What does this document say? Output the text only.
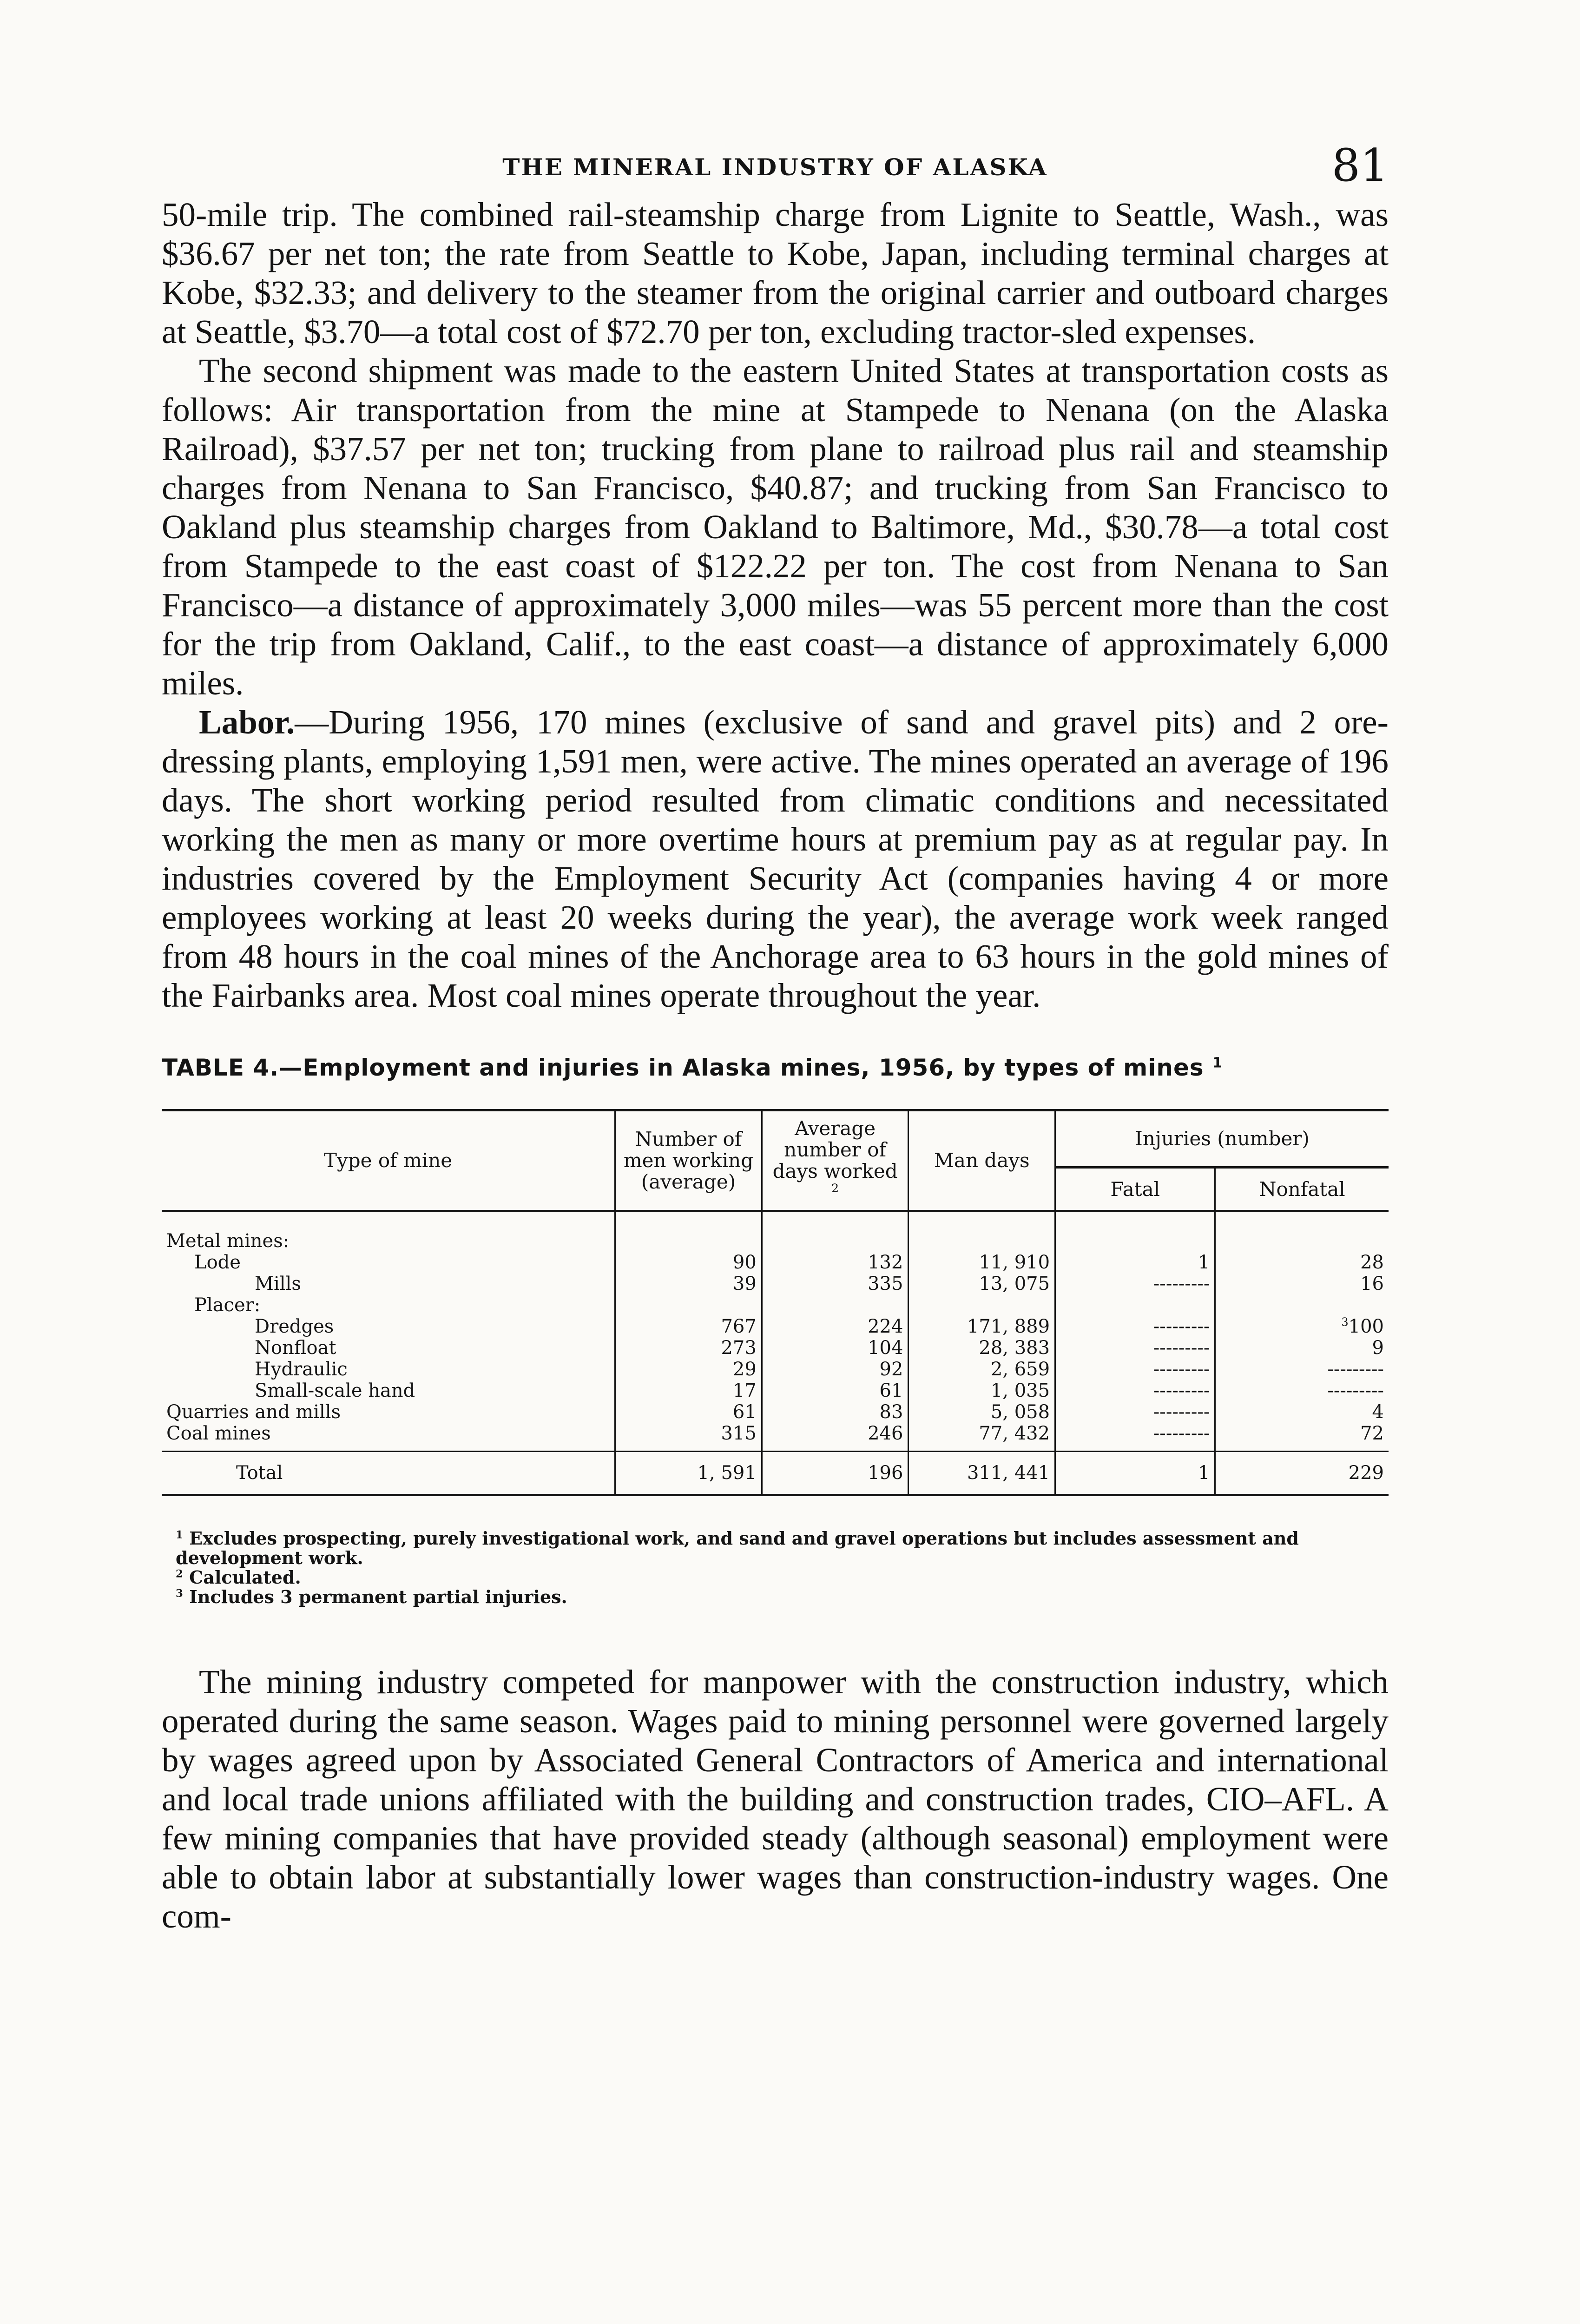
THE MINERAL INDUSTRY OF ALASKA	81

50-mile trip. The combined rail-steamship charge from Lignite to Seattle, Wash., was $36.67 per net ton; the rate from Seattle to Kobe, Japan, including terminal charges at Kobe, $32.33; and delivery to the steamer from the original carrier and outboard charges at Seattle, $3.70—a total cost of $72.70 per ton, excluding tractor-sled expenses.

The second shipment was made to the eastern United States at transportation costs as follows: Air transportation from the mine at Stampede to Nenana (on the Alaska Railroad), $37.57 per net ton; trucking from plane to railroad plus rail and steamship charges from Nenana to San Francisco, $40.87; and trucking from San Francisco to Oakland plus steamship charges from Oakland to Baltimore, Md., $30.78—a total cost from Stampede to the east coast of $122.22 per ton. The cost from Nenana to San Francisco—a distance of approximately 3,000 miles—was 55 percent more than the cost for the trip from Oakland, Calif., to the east coast—a distance of approximately 6,000 miles.

Labor.—During 1956, 170 mines (exclusive of sand and gravel pits) and 2 ore-dressing plants, employing 1,591 men, were active. The mines operated an average of 196 days. The short working period resulted from climatic conditions and necessitated working the men as many or more overtime hours at premium pay as at regular pay. In industries covered by the Employment Security Act (companies having 4 or more employees working at least 20 weeks during the year), the average work week ranged from 48 hours in the coal mines of the Anchorage area to 63 hours in the gold mines of the Fairbanks area. Most coal mines operate throughout the year.

TABLE 4.—Employment and injuries in Alaska mines, 1956, by types of mines $^1$
Type of mine	Number of men working (average)	Average number of days worked $^2$	Man days	Injuries (number)	
				Fatal	Nonfatal

Metal mines:					
Lode	90	132	11, 910	1	28
Mills	39	335	13, 075	---------	16
Placer:					
Dredges	767	224	171, 889	---------	$^3$100
Nonfloat	273	104	28, 383	---------	9
Hydraulic	29	92	2, 659	---------	---------
Small-scale hand	17	61	1, 035	---------	---------
Quarries and mills	61	83	5, 058	---------	4
Coal mines	315	246	77, 432	---------	72
Total	1, 591	196	311, 441	1	229

$^1$ Excludes prospecting, purely investigational work, and sand and gravel operations but includes assessment and development work.

$^2$ Calculated.

$^3$ Includes 3 permanent partial injuries.

The mining industry competed for manpower with the construction industry, which operated during the same season. Wages paid to mining personnel were governed largely by wages agreed upon by Associated General Contractors of America and international and local trade unions affiliated with the building and construction trades, CIO–AFL. A few mining companies that have provided steady (although seasonal) employment were able to obtain labor at substantially lower wages than construction-industry wages. One com-
